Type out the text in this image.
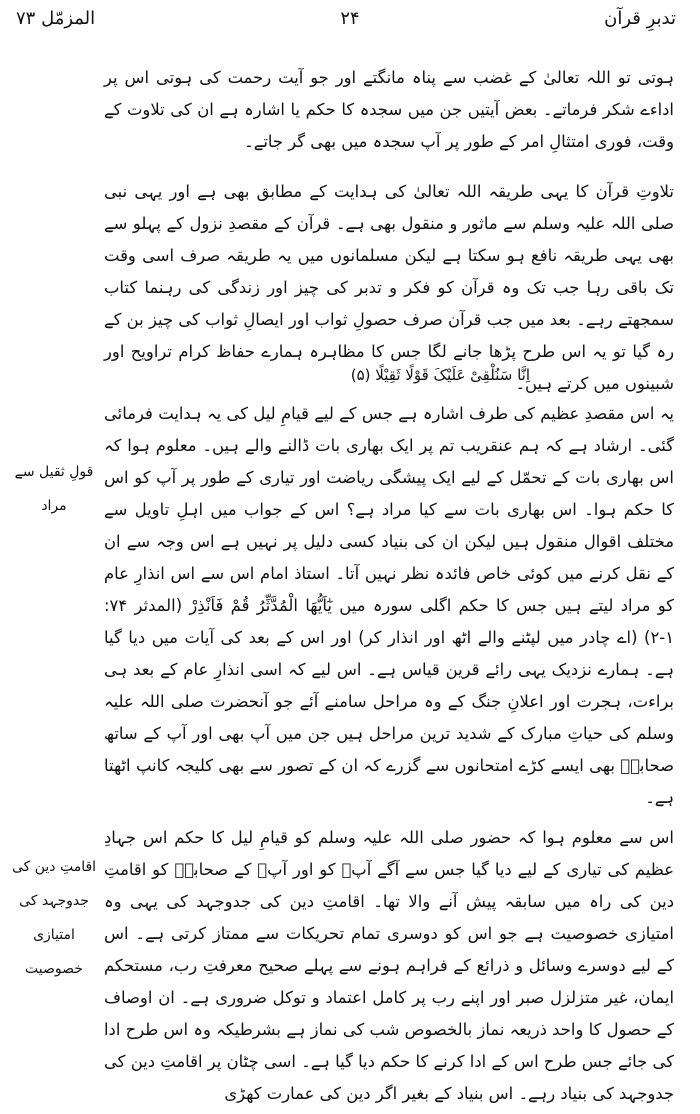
تدبرِ قرآن
۲۴
المزمّل ۷۳
ہوتی تو اللہ تعالیٰ کے غضب سے پناہ مانگتے اور جو آیت رحمت کی ہوتی اس پر اداءے شکر فرماتے۔ بعض آیتیں جن میں سجدہ کا حکم یا اشارہ ہے ان کی تلاوت کے وقت، فوری امتثالِ امر کے طور پر آپ سجدہ میں بھی گر جاتے۔
تلاوتِ قرآن کا یہی طریقہ اللہ تعالیٰ کی ہدایت کے مطابق بھی ہے اور یہی نبی صلی اللہ علیہ وسلم سے ماثور و منقول بھی ہے۔ قرآن کے مقصدِ نزول کے پہلو سے بھی یہی طریقہ نافع ہو سکتا ہے لیکن مسلمانوں میں یہ طریقہ صرف اسی وقت تک باقی رہا جب تک وہ قرآن کو فکر و تدبر کی چیز اور زندگی کی رہنما کتاب سمجھتے رہے۔ بعد میں جب قرآن صرف حصولِ ثواب اور ایصالِ ثواب کی چیز بن کے رہ گیا تو یہ اس طرح پڑھا جانے لگا جس کا مظاہرہ ہمارے حفاظ کرام تراویح اور شبینوں میں کرتے ہیں۔
اِنَّا سَنُلْقِیْ عَلَیْکَ قَوْلًا ثَقِیْلًا (۵)
یہ اس مقصدِ عظیم کی طرف اشارہ ہے جس کے لیے قیامِ لیل کی یہ ہدایت فرمائی گئی۔ ارشاد ہے کہ ہم عنقریب تم پر ایک بھاری بات ڈالنے والے ہیں۔ معلوم ہوا کہ اس بھاری بات کے تحمّل کے لیے ایک پیشگی ریاضت اور تیاری کے طور پر آپ کو اس کا حکم ہوا۔ اس بھاری بات سے کیا مراد ہے؟ اس کے جواب میں اہلِ تاویل سے مختلف اقوال منقول ہیں لیکن ان کی بنیاد کسی دلیل پر نہیں ہے اس وجہ سے ان کے نقل کرنے میں کوئی خاص فائدہ نظر نہیں آتا۔ استاذ امام اس سے اس انذارِ عام کو مراد لیتے ہیں جس کا حکم اگلی سورہ میں یٰٓاَیُّھَا الْمُدَّثِّرُ قُمْ فَاَنْذِرْ (المدثر ۷۴: ۱-۲) (اے چادر میں لپٹنے والے اٹھ اور انذار کر) اور اس کے بعد کی آیات میں دیا گیا ہے۔ ہمارے نزدیک یہی رائے قرین قیاس ہے۔ اس لیے کہ اسی انذارِ عام کے بعد ہی براءت، ہجرت اور اعلانِ جنگ کے وہ مراحل سامنے آئے جو آنحضرت صلی اللہ علیہ وسلم کی حیاتِ مبارک کے شدید ترین مراحل ہیں جن میں آپ بھی اور آپ کے ساتھ صحابہؓ بھی ایسے کڑے امتحانوں سے گزرے کہ ان کے تصور سے بھی کلیجہ کانپ اٹھتا ہے۔
اس سے معلوم ہوا کہ حضور صلی اللہ علیہ وسلم کو قیامِ لیل کا حکم اس جہادِ عظیم کی تیاری کے لیے دیا گیا جس سے آگے آپؐ کو اور آپؐ کے صحابہؓ کو اقامتِ دین کی راہ میں سابقہ پیش آنے والا تھا۔ اقامتِ دین کی جدوجہد کی یہی وہ امتیازی خصوصیت ہے جو اس کو دوسری تمام تحریکات سے ممتاز کرتی ہے۔ اس کے لیے دوسرے وسائل و ذرائع کے فراہم ہونے سے پہلے صحیح معرفتِ رب، مستحکم ایمان، غیر متزلزل صبر اور اپنے رب پر کامل اعتماد و توکل ضروری ہے۔ ان اوصاف کے حصول کا واحد ذریعہ نماز بالخصوص شب کی نماز ہے بشرطیکہ وہ اس طرح ادا کی جائے جس طرح اس کے ادا کرنے کا حکم دیا گیا ہے۔ اسی چٹان پر اقامتِ دین کی جدوجہد کی بنیاد رہے۔ اس بنیاد کے بغیر اگر دین کی عمارت کھڑی
قولِ ثقیل سے مراد
اقامتِ دین کی جدوجہد کی امتیازی خصوصیت
